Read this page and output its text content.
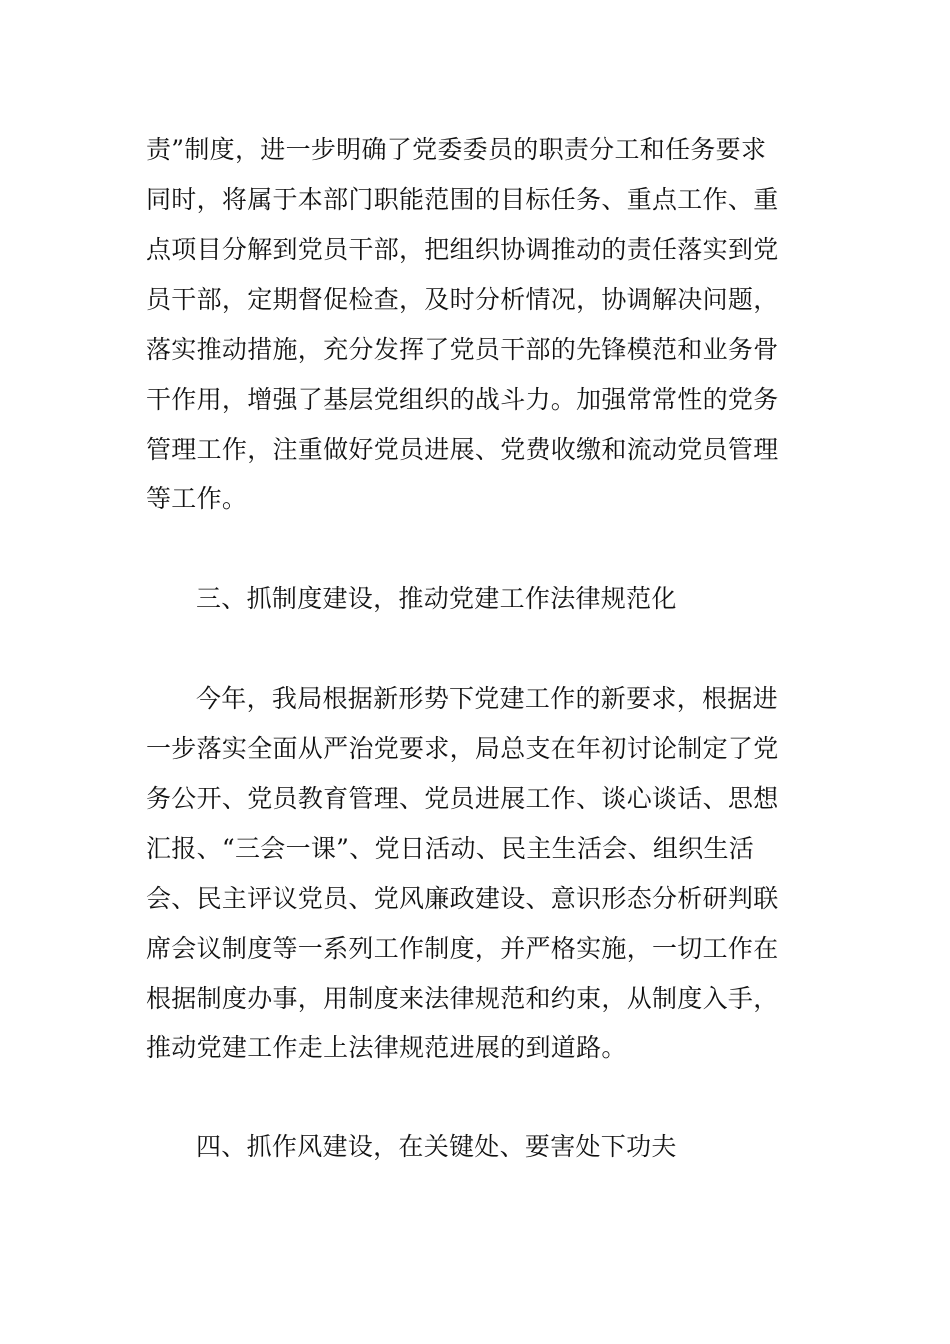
责”制度，进一步明确了党委委员的职责分工和任务要求
同时，将属于本部门职能范围的目标任务、重点工作、重
点项目分解到党员干部，把组织协调推动的责任落实到党
员干部，定期督促检查，及时分析情况，协调解决问题，
落实推动措施，充分发挥了党员干部的先锋模范和业务骨
干作用，增强了基层党组织的战斗力。加强常常性的党务
管理工作，注重做好党员进展、党费收缴和流动党员管理
等工作。
三、抓制度建设，推动党建工作法律规范化
今年，我局根据新形势下党建工作的新要求，根据进
一步落实全面从严治党要求，局总支在年初讨论制定了党
务公开、党员教育管理、党员进展工作、谈心谈话、思想
汇报、“三会一课”、党日活动、民主生活会、组织生活
会、民主评议党员、党风廉政建设、意识形态分析研判联
席会议制度等一系列工作制度，并严格实施，一切工作在
根据制度办事，用制度来法律规范和约束，从制度入手，
推动党建工作走上法律规范进展的到道路。
四、抓作风建设，在关键处、要害处下功夫
